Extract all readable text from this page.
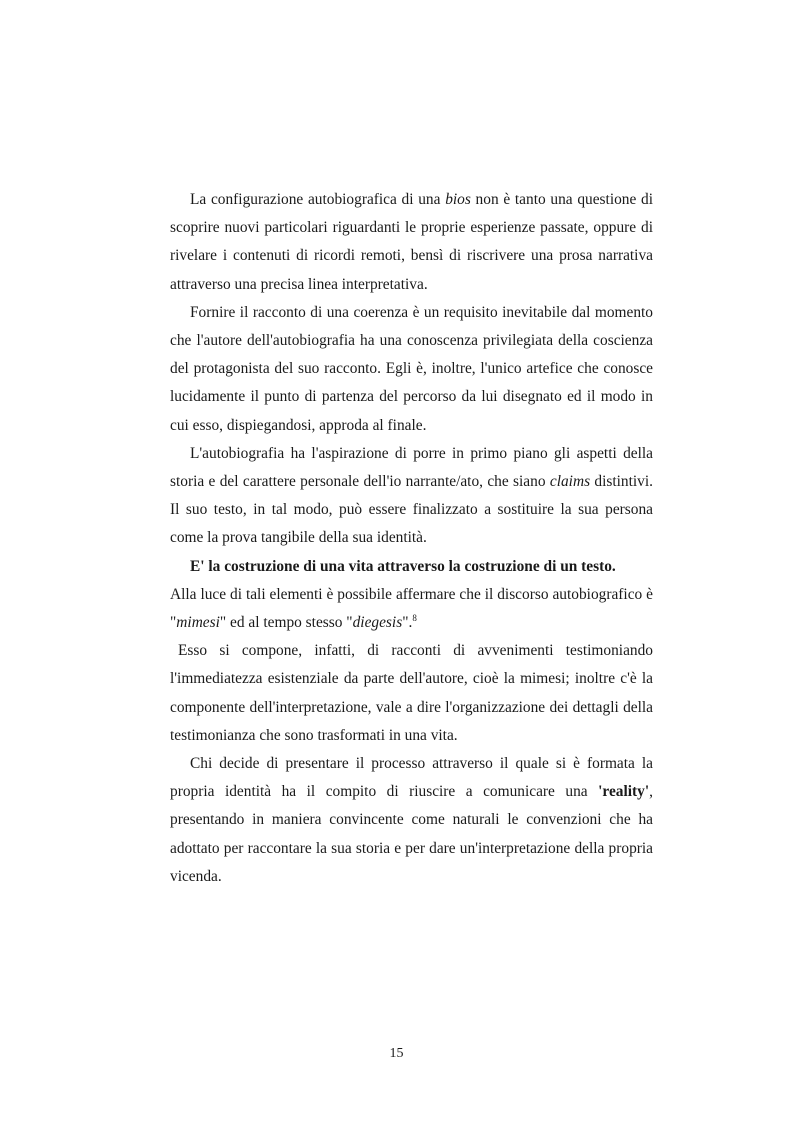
La configurazione autobiografica di una bios non è tanto una questione di scoprire nuovi particolari riguardanti le proprie esperienze passate, oppure di rivelare i contenuti di ricordi remoti, bensì di riscrivere una prosa narrativa attraverso una precisa linea interpretativa.

Fornire il racconto di una coerenza è un requisito inevitabile dal momento che l'autore dell'autobiografia ha una conoscenza privilegiata della coscienza del protagonista del suo racconto. Egli è, inoltre, l'unico artefice che conosce lucidamente il punto di partenza del percorso da lui disegnato ed il modo in cui esso, dispiegandosi, approda al finale.

L'autobiografia ha l'aspirazione di porre in primo piano gli aspetti della storia e del carattere personale dell'io narrante/ato, che siano claims distintivi. Il suo testo, in tal modo, può essere finalizzato a sostituire la sua persona come la prova tangibile della sua identità.

E' la costruzione di una vita attraverso la costruzione di un testo.

Alla luce di tali elementi è possibile affermare che il discorso autobiografico è "mimesi" ed al tempo stesso "diegesis".$^8$

Esso si compone, infatti, di racconti di avvenimenti testimoniando l'immediatezza esistenziale da parte dell'autore, cioè la mimesi; inoltre c'è la componente dell'interpretazione, vale a dire l'organizzazione dei dettagli della testimonianza che sono trasformati in una vita.

Chi decide di presentare il processo attraverso il quale si è formata la propria identità ha il compito di riuscire a comunicare una 'reality', presentando in maniera convincente come naturali le convenzioni che ha adottato per raccontare la sua storia e per dare un'interpretazione della propria vicenda.

15
